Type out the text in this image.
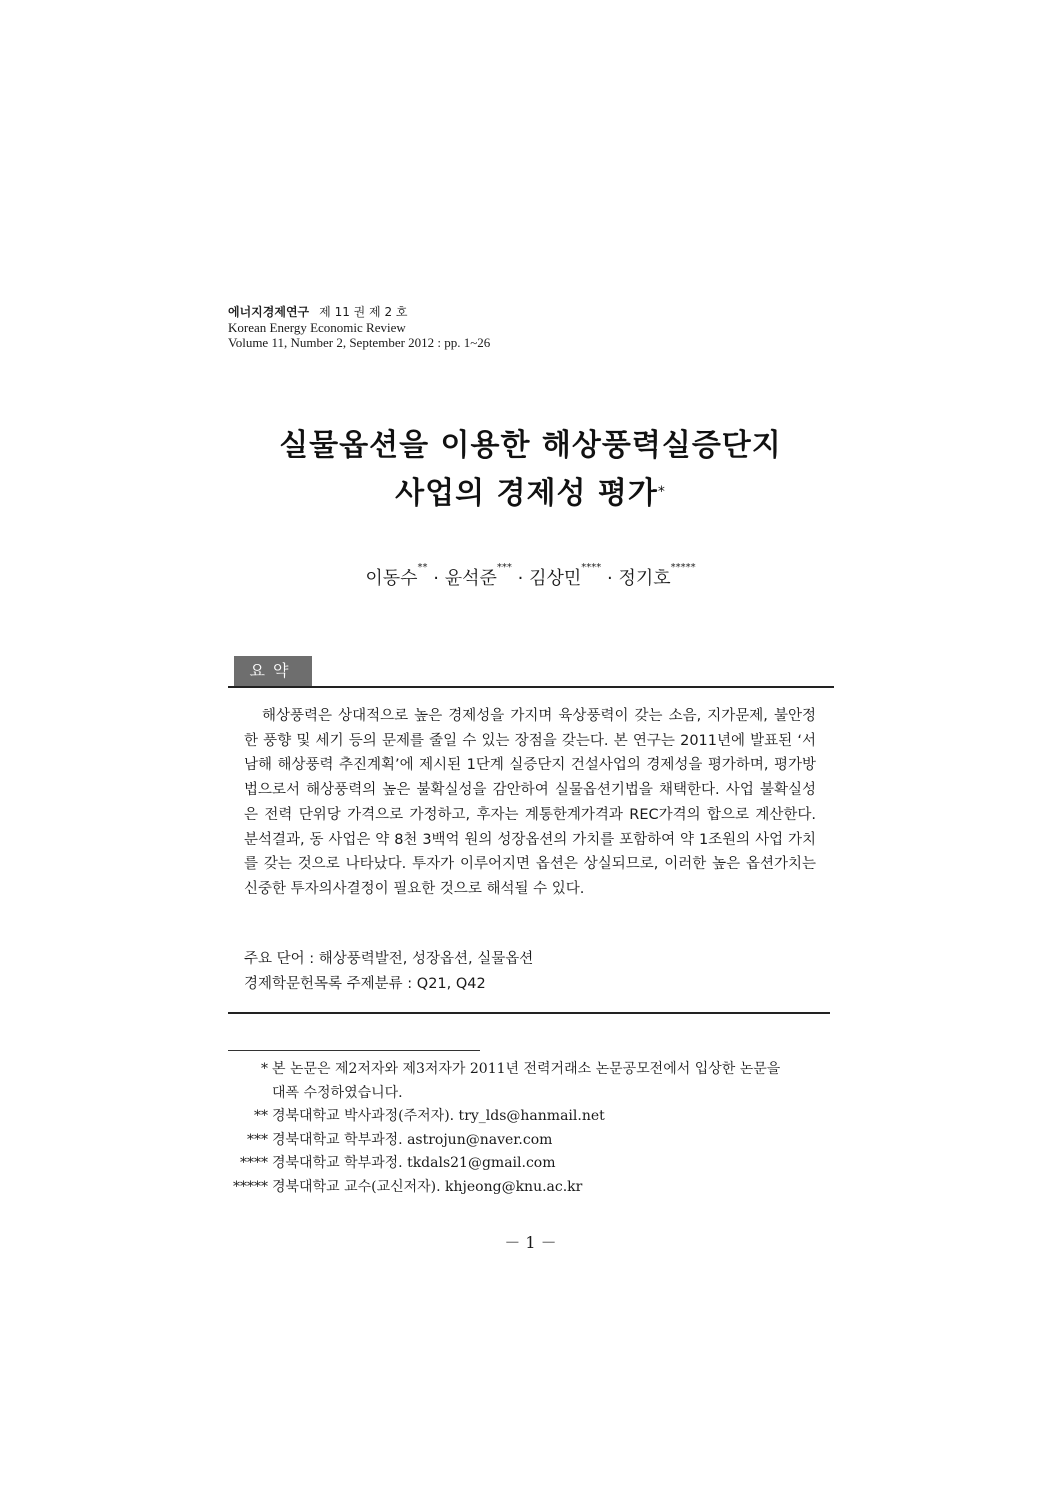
에너지경제연구 제 11 권 제 2 호
Korean Energy Economic Review
Volume 11, Number 2, September 2012 : pp. 1~26
실물옵션을 이용한 해상풍력실증단지
사업의 경제성 평가*
이동수** · 윤석준*** · 김상민**** · 정기호*****
요약
해상풍력은 상대적으로 높은 경제성을 가지며 육상풍력이 갖는 소음, 지가문제, 불안정한 풍향 및 세기 등의 문제를 줄일 수 있는 장점을 갖는다. 본 연구는 2011년에 발표된 ‘서남해 해상풍력 추진계획’에 제시된 1단계 실증단지 건설사업의 경제성을 평가하며, 평가방법으로서 해상풍력의 높은 불확실성을 감안하여 실물옵션기법을 채택한다. 사업 불확실성은 전력 단위당 가격으로 가정하고, 후자는 계통한계가격과 REC가격의 합으로 계산한다. 분석결과, 동 사업은 약 8천 3백억 원의 성장옵션의 가치를 포함하여 약 1조원의 사업 가치를 갖는 것으로 나타났다. 투자가 이루어지면 옵션은 상실되므로, 이러한 높은 옵션가치는 신중한 투자의사결정이 필요한 것으로 해석될 수 있다.
주요 단어 : 해상풍력발전, 성장옵션, 실물옵션
경제학문헌목록 주제분류 : Q21, Q42
* 본 논문은 제2저자와 제3저자가 2011년 전력거래소 논문공모전에서 입상한 논문을
대폭 수정하였습니다.
** 경북대학교 박사과정(주저자). try_lds@hanmail.net
*** 경북대학교 학부과정. astrojun@naver.com
**** 경북대학교 학부과정. tkdals21@gmail.com
***** 경북대학교 교수(교신저자). khjeong@knu.ac.kr
－ 1 －
